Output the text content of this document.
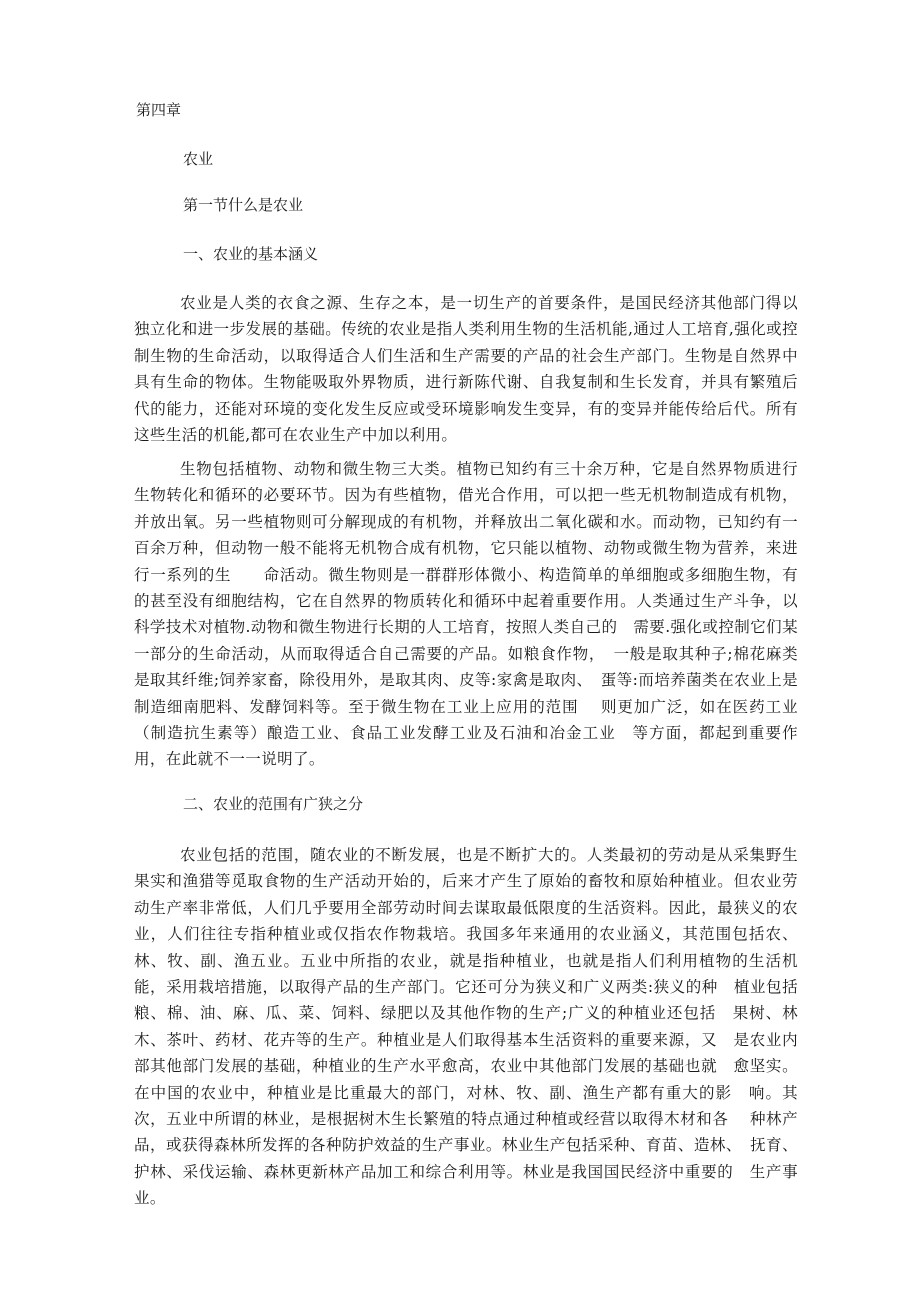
第四章
农业
第一节什么是农业
一、农业的基本涵义

农业是人类的衣食之源、生存之本，是一切生产的首要条件，是国民经济其他部门得以独立化和进一步发展的基础。传统的农业是指人类利用生物的生活机能,通过人工培育,强化或控制生物的生命活动，以取得适合人们生活和生产需要的产品的社会生产部门。生物是自然界中具有生命的物体。生物能吸取外界物质，进行新陈代谢、自我复制和生长发育，并具有繁殖后代的能力，还能对环境的变化发生反应或受环境影响发生变异，有的变异并能传给后代。所有这些生活的机能,都可在农业生产中加以利用。

生物包括植物、动物和微生物三大类。植物已知约有三十余万种，它是自然界物质进行生物转化和循环的必要环节。因为有些植物，借光合作用，可以把一些无机物制造成有机物，并放出氧。另一些植物则可分解现成的有机物，并释放出二氧化碳和水。而动物，已知约有一百余万种，但动物一般不能将无机物合成有机物，它只能以植物、动物或微生物为营养，来进行一系列的生　　命活动。微生物则是一群群形体微小、构造简单的单细胞或多细胞生物，有的甚至没有细胞结构，它在自然界的物质转化和循环中起着重要作用。人类通过生产斗争，以科学技术对植物.动物和微生物进行长期的人工培育，按照人类自己的　需要.强化或控制它们某一部分的生命活动，从而取得适合自己需要的产品。如粮食作物，　一般是取其种子;棉花麻类是取其纤维;饲养家畜，除役用外，是取其肉、皮等:家禽是取肉、　蛋等:而培养菌类在农业上是制造细南肥料、发酵饲料等。至于微生物在工业上应用的范围　 则更加广泛，如在医药工业（制造抗生素等）酿造工业、食品工业发酵工业及石油和冶金工业　等方面，都起到重要作用，在此就不一一说明了。

二、农业的范围有广狭之分

农业包括的范围，随农业的不断发展，也是不断扩大的。人类最初的劳动是从采集野生果实和渔猎等觅取食物的生产活动开始的，后来才产生了原始的畜牧和原始种植业。但农业劳动生产率非常低，人们几乎要用全部劳动时间去谋取最低限度的生活资料。因此，最狭义的农业，人们往往专指种植业或仅指农作物栽培。我国多年来通用的农业涵义，其范围包括农、林、牧、副、渔五业。五业中所指的农业，就是指种植业，也就是指人们利用植物的生活机能，采用栽培措施，以取得产品的生产部门。它还可分为狭义和广义两类:狭义的种　植业包括粮、棉、油、麻、瓜、菜、饲料、绿肥以及其他作物的生产;广义的种植业还包括　果树、林木、茶叶、药材、花卉等的生产。种植业是人们取得基本生活资料的重要来源，又　是农业内部其他部门发展的基础，种植业的生产水平愈高，农业中其他部门发展的基础也就　愈坚实。在中国的农业中，种植业是比重最大的部门，对林、牧、副、渔生产都有重大的影　响。其次，五业中所谓的林业，是根据树木生长繁殖的特点通过种植或经营以取得木材和各　 种林产品，或获得森林所发挥的各种防护效益的生产事业。林业生产包括采种、育苗、造林、　抚育、护林、采伐运输、森林更新林产品加工和综合利用等。林业是我国国民经济中重要的　生产事业。
